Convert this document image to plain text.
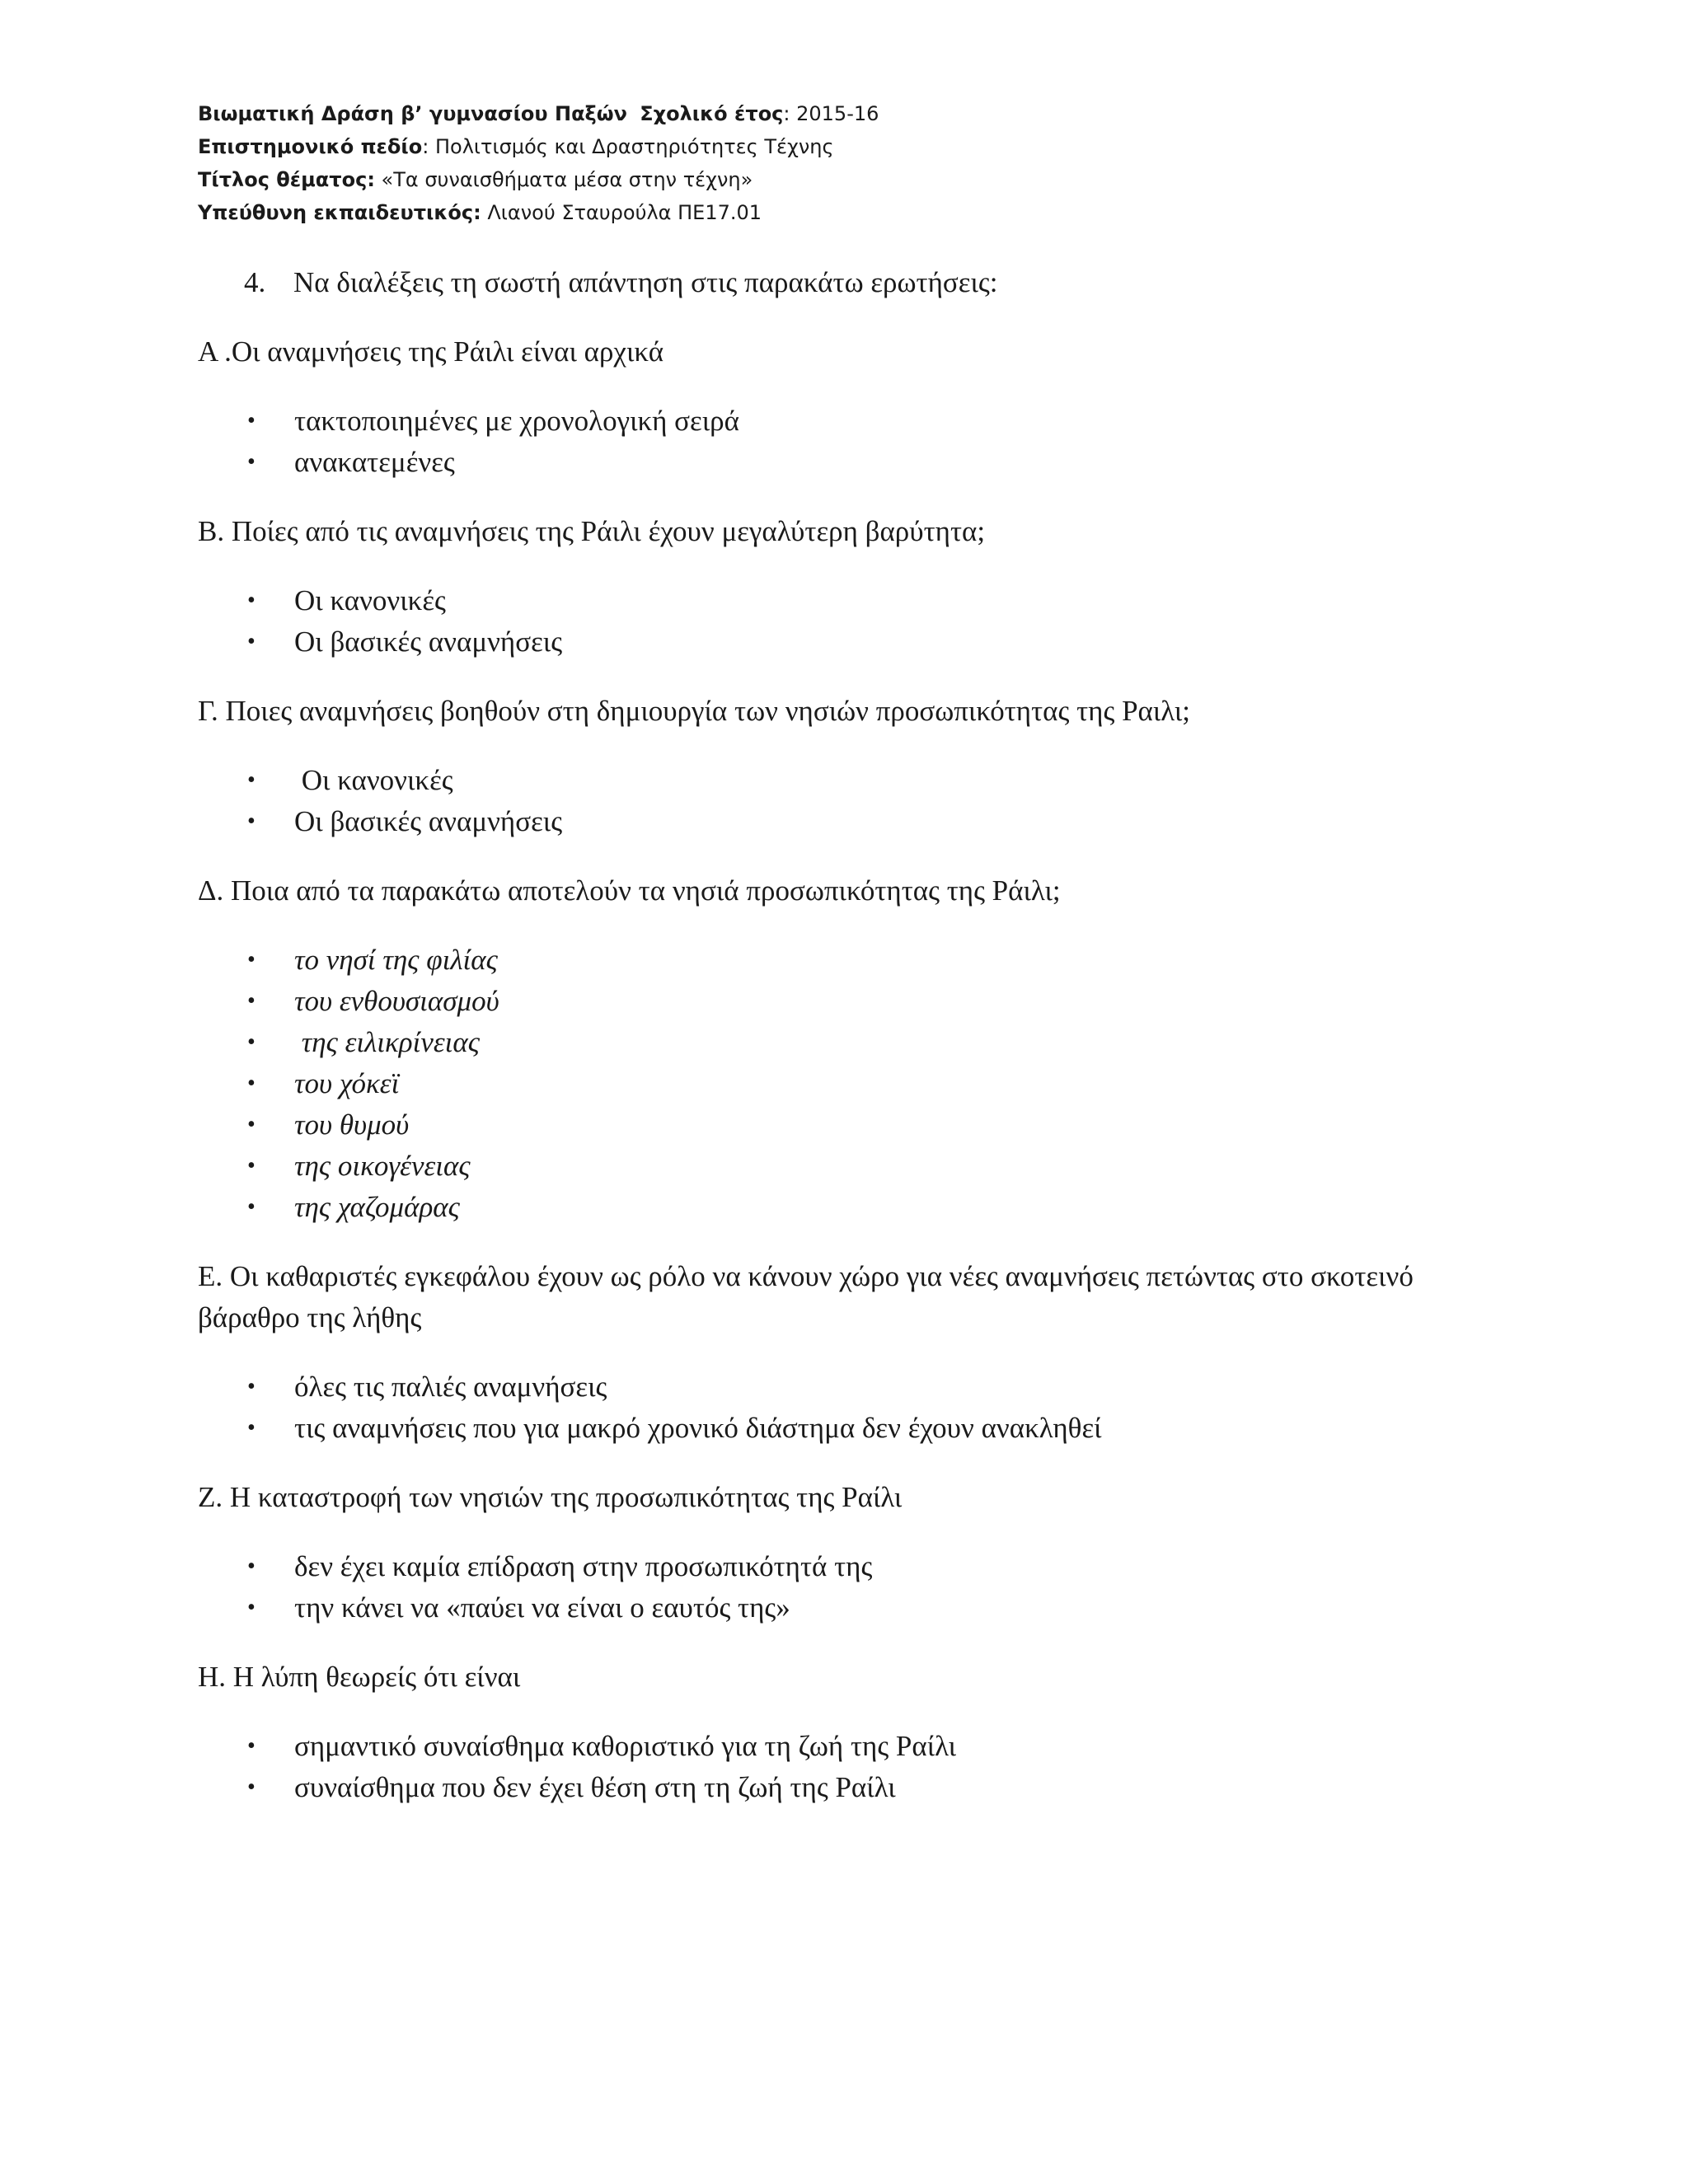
Βιωματική Δράση β’ γυμνασίου Παξών Σχολικό έτος: 2015-16
Επιστημονικό πεδίο: Πολιτισμός και Δραστηριότητες Τέχνης
Τίτλος θέματος: «Τα συναισθήματα μέσα στην τέχνη»
Υπεύθυνη εκπαιδευτικός: Λιανού Σταυρούλα ΠΕ17.01

4. Να διαλέξεις τη σωστή απάντηση στις παρακάτω ερωτήσεις:

Α .Οι αναμνήσεις της Ράιλι είναι αρχικά

• τακτοποιημένες με χρονολογική σειρά
• ανακατεμένες

Β. Ποίες από τις αναμνήσεις της Ράιλι έχουν μεγαλύτερη βαρύτητα;

• Οι κανονικές
• Οι βασικές αναμνήσεις

Γ. Ποιες αναμνήσεις βοηθούν στη δημιουργία των νησιών προσωπικότητας της Ραιλι;

• Οι κανονικές
• Οι βασικές αναμνήσεις

Δ. Ποια από τα παρακάτω αποτελούν τα νησιά προσωπικότητας της Ράιλι;

• το νησί της φιλίας
• του ενθουσιασμού
• της ειλικρίνειας
• του χόκεϊ
• του θυμού
• της οικογένειας
• της χαζομάρας

Ε. Οι καθαριστές εγκεφάλου έχουν ως ρόλο να κάνουν χώρο για νέες αναμνήσεις πετώντας στο σκοτεινό βάραθρο της λήθης

• όλες τις παλιές αναμνήσεις
• τις αναμνήσεις που για μακρό χρονικό διάστημα δεν έχουν ανακληθεί

Ζ. Η καταστροφή των νησιών της προσωπικότητας της Ραίλι

• δεν έχει καμία επίδραση στην προσωπικότητά της
• την κάνει να «παύει να είναι ο εαυτός της»

Η. Η λύπη θεωρείς ότι είναι

• σημαντικό συναίσθημα καθοριστικό για τη ζωή της Ραίλι
• συναίσθημα που δεν έχει θέση στη τη ζωή της Ραίλι
